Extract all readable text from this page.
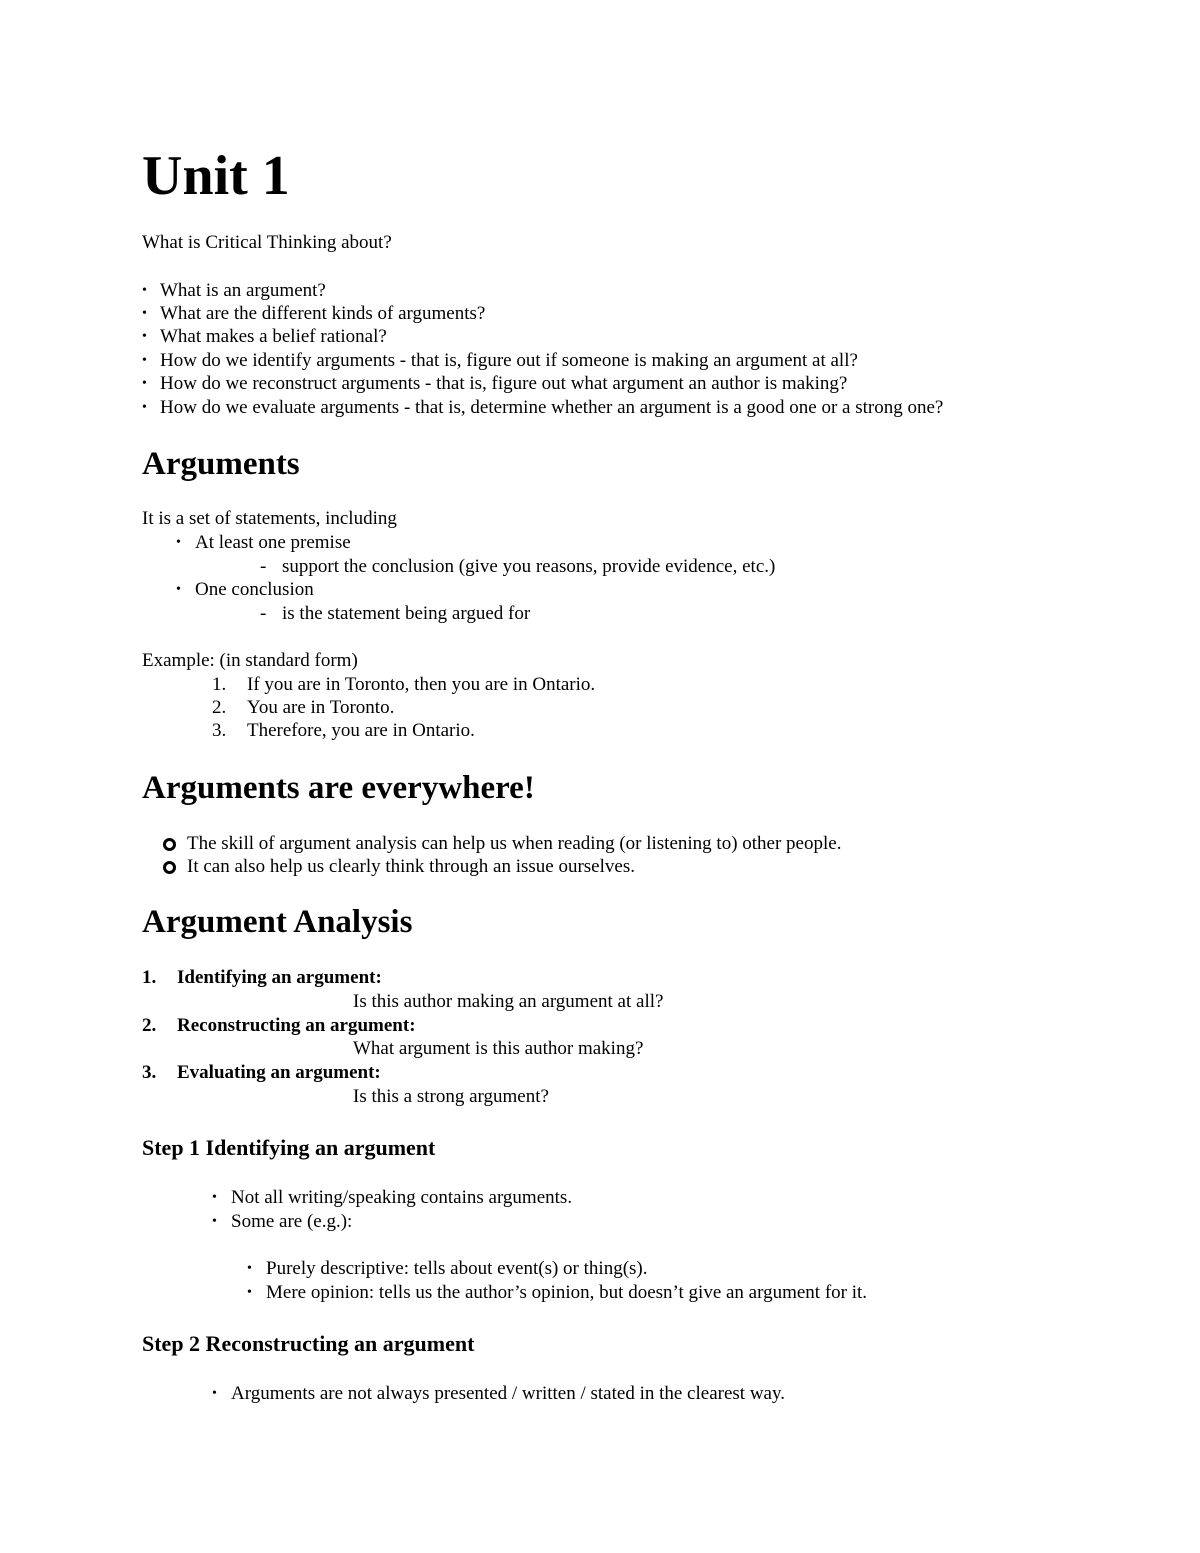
Unit 1
What is Critical Thinking about?
• What is an argument?
• What are the different kinds of arguments?
• What makes a belief rational?
• How do we identify arguments - that is, figure out if someone is making an argument at all?
• How do we reconstruct arguments - that is, figure out what argument an author is making?
• How do we evaluate arguments - that is, determine whether an argument is a good one or a strong one?
Arguments
It is a set of statements, including
• At least one premise
- support the conclusion (give you reasons, provide evidence, etc.)
• One conclusion
- is the statement being argued for
Example: (in standard form)
1. If you are in Toronto, then you are in Ontario.
2. You are in Toronto.
3. Therefore, you are in Ontario.
Arguments are everywhere!
The skill of argument analysis can help us when reading (or listening to) other people.
It can also help us clearly think through an issue ourselves.
Argument Analysis
1. Identifying an argument:
Is this author making an argument at all?
2. Reconstructing an argument:
What argument is this author making?
3. Evaluating an argument:
Is this a strong argument?
Step 1 Identifying an argument
• Not all writing/speaking contains arguments.
• Some are (e.g.):
• Purely descriptive: tells about event(s) or thing(s).
• Mere opinion: tells us the author’s opinion, but doesn’t give an argument for it.
Step 2 Reconstructing an argument
• Arguments are not always presented / written / stated in the clearest way.
